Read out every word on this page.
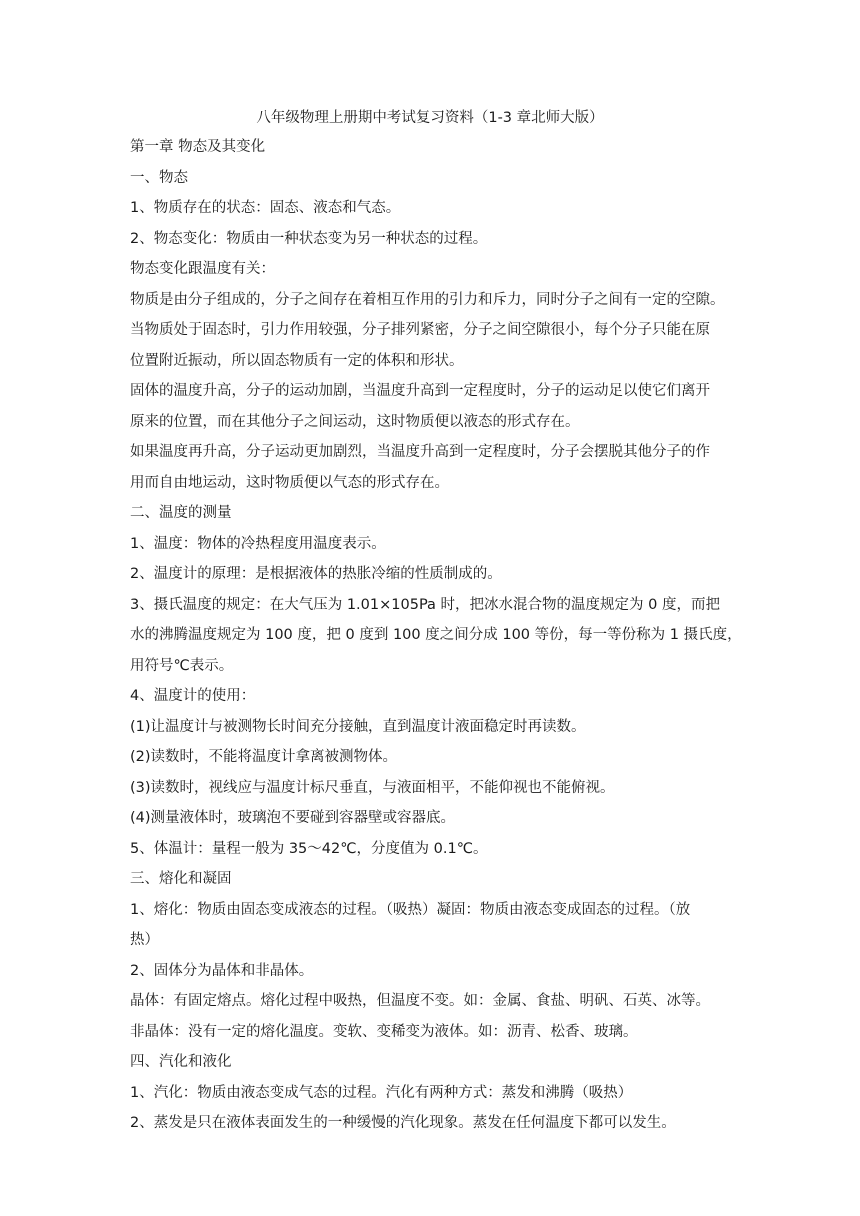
八年级物理上册期中考试复习资料（1-3 章北师大版）

第一章 物态及其变化

一、物态

1、物质存在的状态：固态、液态和气态。

2、物态变化：物质由一种状态变为另一种状态的过程。

物态变化跟温度有关：

物质是由分子组成的，分子之间存在着相互作用的引力和斥力，同时分子之间有一定的空隙。

当物质处于固态时，引力作用较强，分子排列紧密，分子之间空隙很小，每个分子只能在原

位置附近振动，所以固态物质有一定的体积和形状。

固体的温度升高，分子的运动加剧，当温度升高到一定程度时，分子的运动足以使它们离开

原来的位置，而在其他分子之间运动，这时物质便以液态的形式存在。

如果温度再升高，分子运动更加剧烈，当温度升高到一定程度时，分子会摆脱其他分子的作

用而自由地运动，这时物质便以气态的形式存在。

二、温度的测量

1、温度：物体的冷热程度用温度表示。

2、温度计的原理：是根据液体的热胀冷缩的性质制成的。

3、摄氏温度的规定：在大气压为 1.01×105Pa 时，把冰水混合物的温度规定为 0 度，而把

水的沸腾温度规定为 100 度，把 0 度到 100 度之间分成 100 等份，每一等份称为 1 摄氏度，

用符号℃表示。

4、温度计的使用：

(1)让温度计与被测物长时间充分接触，直到温度计液面稳定时再读数。

(2)读数时，不能将温度计拿离被测物体。

(3)读数时，视线应与温度计标尺垂直，与液面相平，不能仰视也不能俯视。

(4)测量液体时，玻璃泡不要碰到容器壁或容器底。

5、体温计：量程一般为 35～42℃，分度值为 0.1℃。

三、熔化和凝固

1、熔化：物质由固态变成液态的过程。（吸热）凝固：物质由液态变成固态的过程。（放

热）

2、固体分为晶体和非晶体。

晶体：有固定熔点。熔化过程中吸热，但温度不变。如：金属、食盐、明矾、石英、冰等。

非晶体：没有一定的熔化温度。变软、变稀变为液体。如：沥青、松香、玻璃。

四、汽化和液化

1、汽化：物质由液态变成气态的过程。汽化有两种方式：蒸发和沸腾（吸热）

2、蒸发是只在液体表面发生的一种缓慢的汽化现象。蒸发在任何温度下都可以发生。
